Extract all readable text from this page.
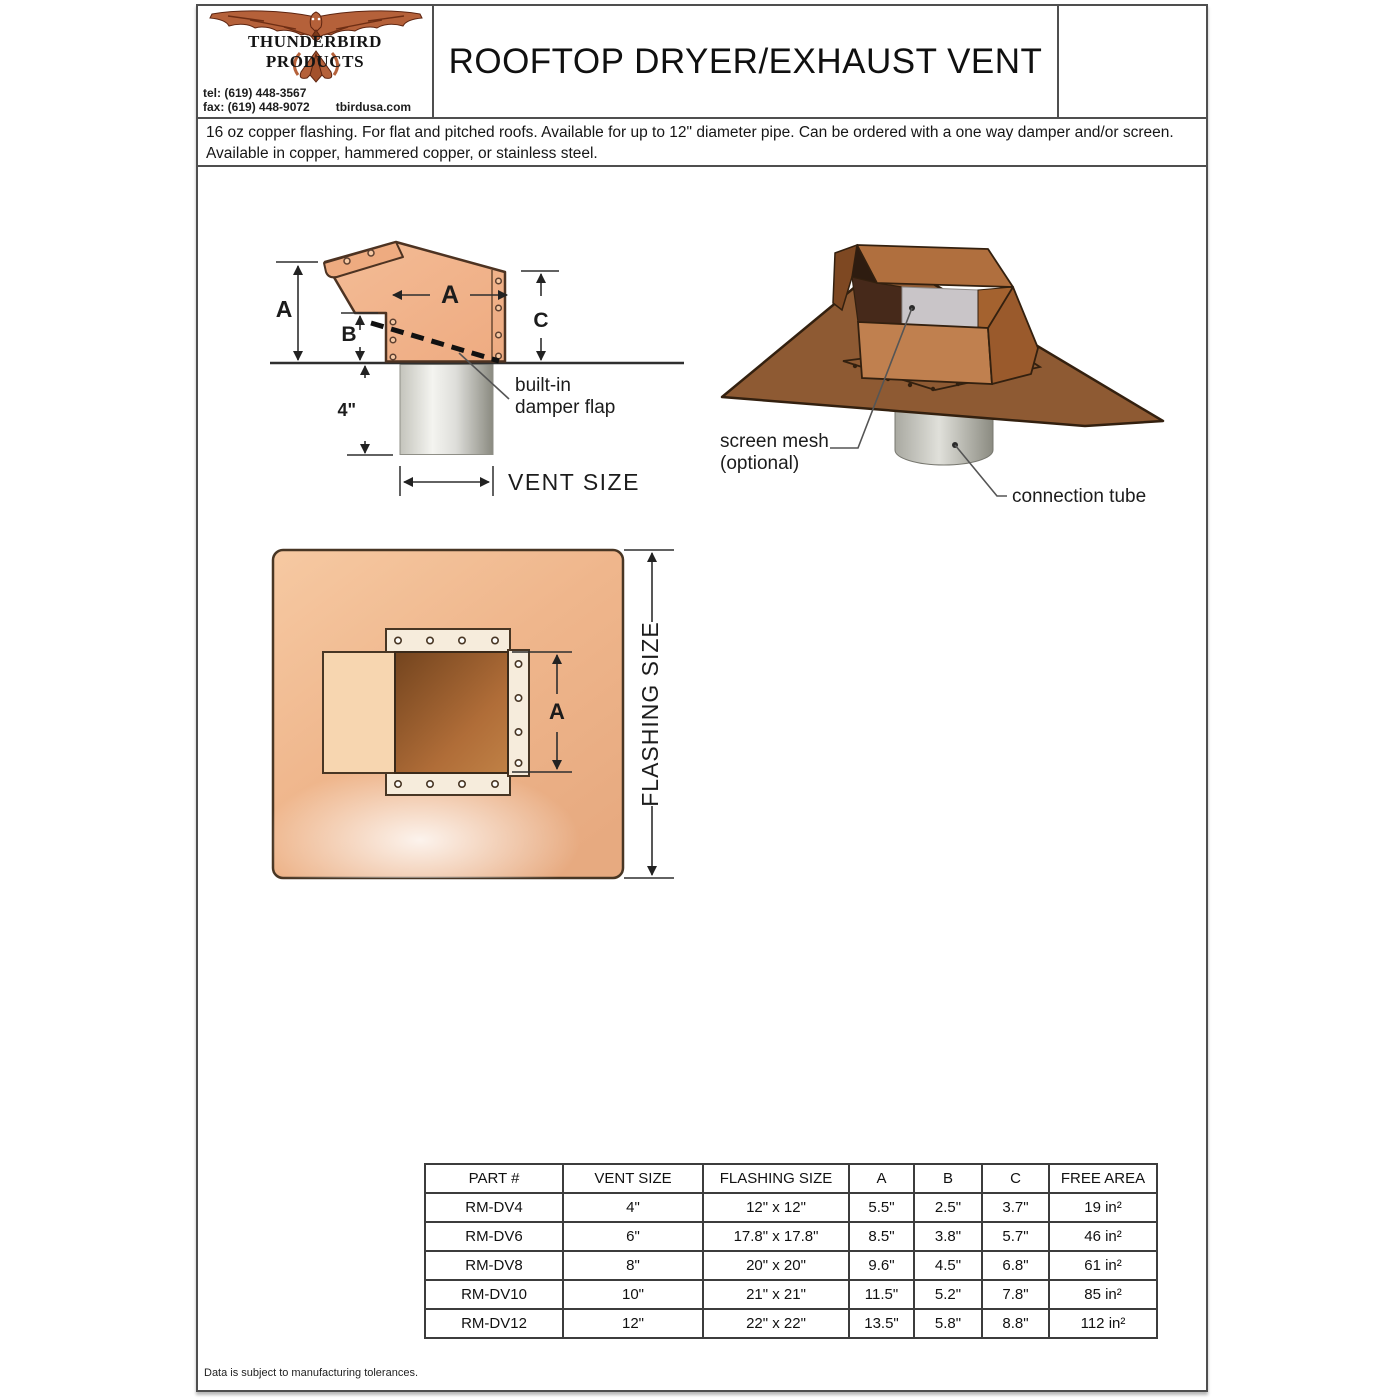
THUNDERBIRD PRODUCTS
tel: (619) 448-3567
fax: (619) 448-9072 tbirdusa.com
ROOFTOP DRYER/EXHAUST VENT
16 oz copper flashing. For flat and pitched roofs. Available for up to 12" diameter pipe. Can be ordered with a one way damper and/or screen. Available in copper, hammered copper, or stainless steel.
A
B
C
4"
A
VENT SIZE
built-in
damper flap
screen mesh
(optional)
connection tube
A	FLASHING SIZE
PART #	VENT SIZE	FLASHING SIZE	A	B	C	FREE AREA
RM-DV4	4"	12" x 12"	5.5"	2.5"	3.7"	19 in²
RM-DV6	6"	17.8" x 17.8"	8.5"	3.8"	5.7"	46 in²
RM-DV8	8"	20" x 20"	9.6"	4.5"	6.8"	61 in²
RM-DV10	10"	21" x 21"	11.5"	5.2"	7.8"	85 in²
RM-DV12	12"	22" x 22"	13.5"	5.8"	8.8"	112 in²
Data is subject to manufacturing tolerances.
